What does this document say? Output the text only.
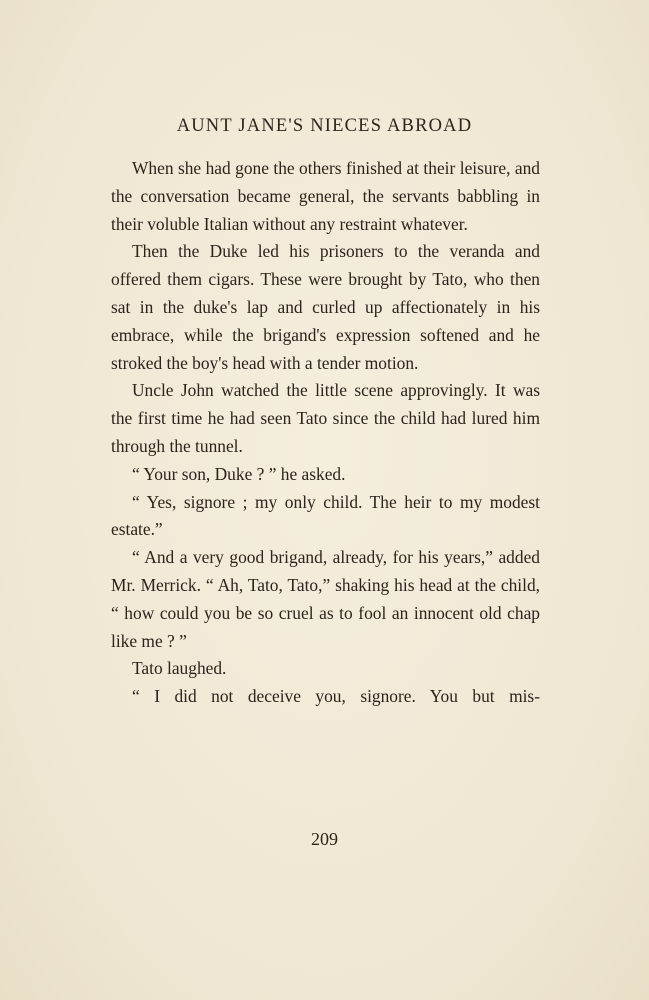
AUNT JANE'S NIECES ABROAD

When she had gone the others finished at their leisure, and the conversation became general, the servants babbling in their voluble Italian without any restraint whatever.

Then the Duke led his prisoners to the veranda and offered them cigars. These were brought by Tato, who then sat in the duke's lap and curled up affectionately in his embrace, while the brigand's expression softened and he stroked the boy's head with a tender motion.

Uncle John watched the little scene approvingly. It was the first time he had seen Tato since the child had lured him through the tunnel.

“ Your son, Duke ? ” he asked.

“ Yes, signore ; my only child. The heir to my modest estate.”

“ And a very good brigand, already, for his years,” added Mr. Merrick. “ Ah, Tato, Tato,” shaking his head at the child, “ how could you be so cruel as to fool an innocent old chap like me ? ”

Tato laughed.

“ I did not deceive you, signore. You but mis-

209
